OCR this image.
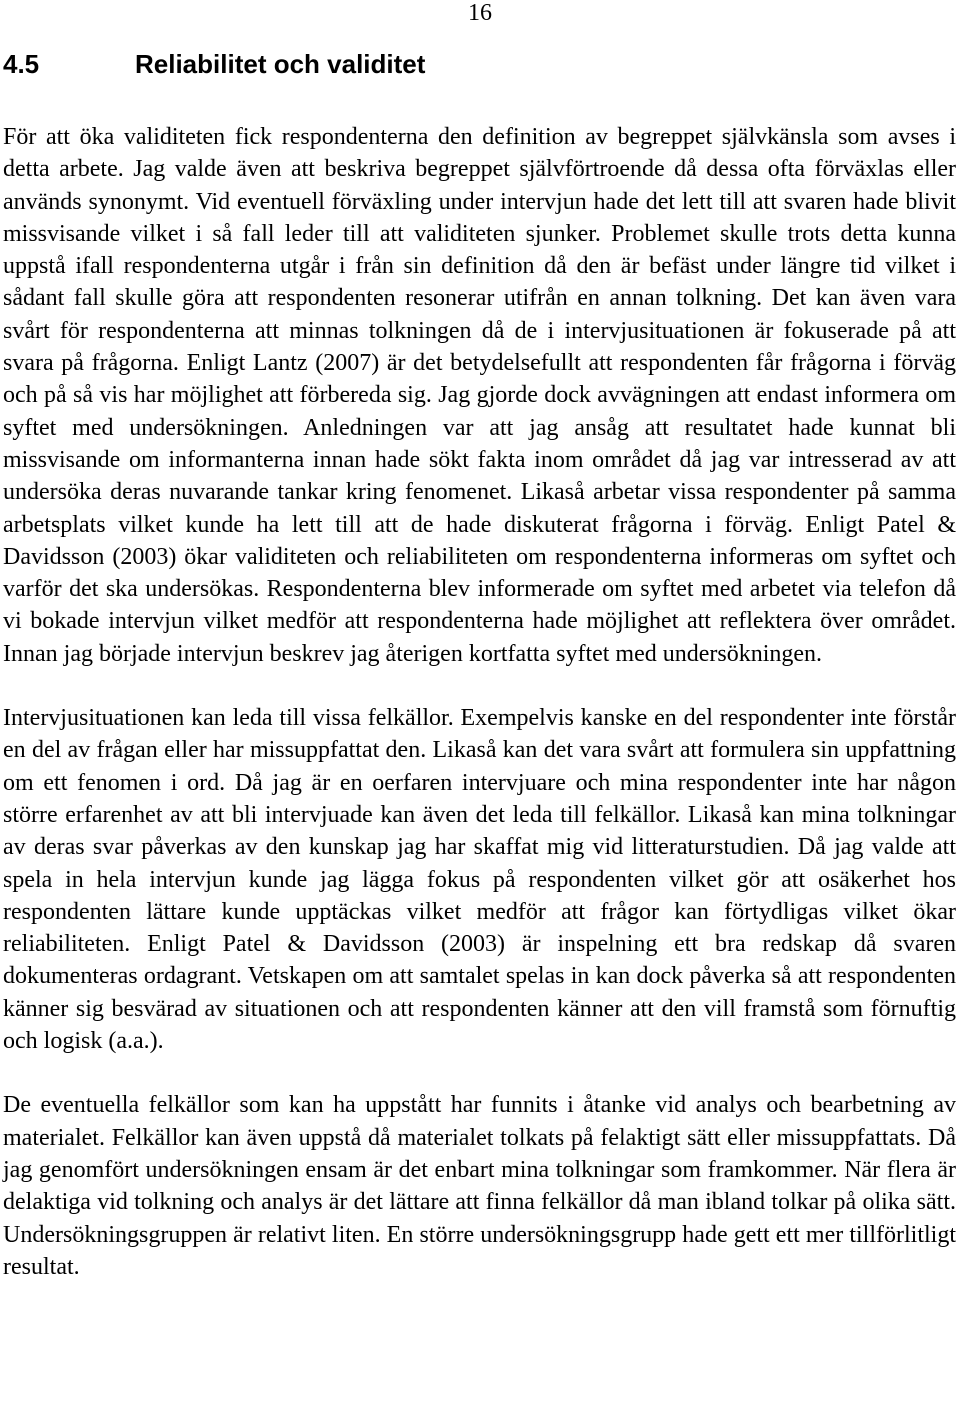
16
4.5	Reliabilitet och validitet

För att öka validiteten fick respondenterna den definition av begreppet självkänsla som avses i detta arbete. Jag valde även att beskriva begreppet självförtroende då dessa ofta förväxlas eller används synonymt. Vid eventuell förväxling under intervjun hade det lett till att svaren hade blivit missvisande vilket i så fall leder till att validiteten sjunker. Problemet skulle trots detta kunna uppstå ifall respondenterna utgår i från sin definition då den är befäst under längre tid vilket i sådant fall skulle göra att respondenten resonerar utifrån en annan tolkning. Det kan även vara svårt för respondenterna att minnas tolkningen då de i intervjusituationen är fokuserade på att svara på frågorna. Enligt Lantz (2007) är det betydelsefullt att respondenten får frågorna i förväg och på så vis har möjlighet att förbereda sig. Jag gjorde dock avvägningen att endast informera om syftet med undersökningen. Anledningen var att jag ansåg att resultatet hade kunnat bli missvisande om informanterna innan hade sökt fakta inom området då jag var intresserad av att undersöka deras nuvarande tankar kring fenomenet. Likaså arbetar vissa respondenter på samma arbetsplats vilket kunde ha lett till att de hade diskuterat frågorna i förväg. Enligt Patel & Davidsson (2003) ökar validiteten och reliabiliteten om respondenterna informeras om syftet och varför det ska undersökas. Respondenterna blev informerade om syftet med arbetet via telefon då vi bokade intervjun vilket medför att respondenterna hade möjlighet att reflektera över området. Innan jag började intervjun beskrev jag återigen kortfatta syftet med undersökningen.

Intervjusituationen kan leda till vissa felkällor. Exempelvis kanske en del respondenter inte förstår en del av frågan eller har missuppfattat den. Likaså kan det vara svårt att formulera sin uppfattning om ett fenomen i ord. Då jag är en oerfaren intervjuare och mina respondenter inte har någon större erfarenhet av att bli intervjuade kan även det leda till felkällor. Likaså kan mina tolkningar av deras svar påverkas av den kunskap jag har skaffat mig vid litteraturstudien. Då jag valde att spela in hela intervjun kunde jag lägga fokus på respondenten vilket gör att osäkerhet hos respondenten lättare kunde upptäckas vilket medför att frågor kan förtydligas vilket ökar reliabiliteten. Enligt Patel & Davidsson (2003) är inspelning ett bra redskap då svaren dokumenteras ordagrant. Vetskapen om att samtalet spelas in kan dock påverka så att respondenten känner sig besvärad av situationen och att respondenten känner att den vill framstå som förnuftig och logisk (a.a.).

De eventuella felkällor som kan ha uppstått har funnits i åtanke vid analys och bearbetning av materialet. Felkällor kan även uppstå då materialet tolkats på felaktigt sätt eller missuppfattats. Då jag genomfört undersökningen ensam är det enbart mina tolkningar som framkommer. När flera är delaktiga vid tolkning och analys är det lättare att finna felkällor då man ibland tolkar på olika sätt. Undersökningsgruppen är relativt liten. En större undersökningsgrupp hade gett ett mer tillförlitligt resultat.
